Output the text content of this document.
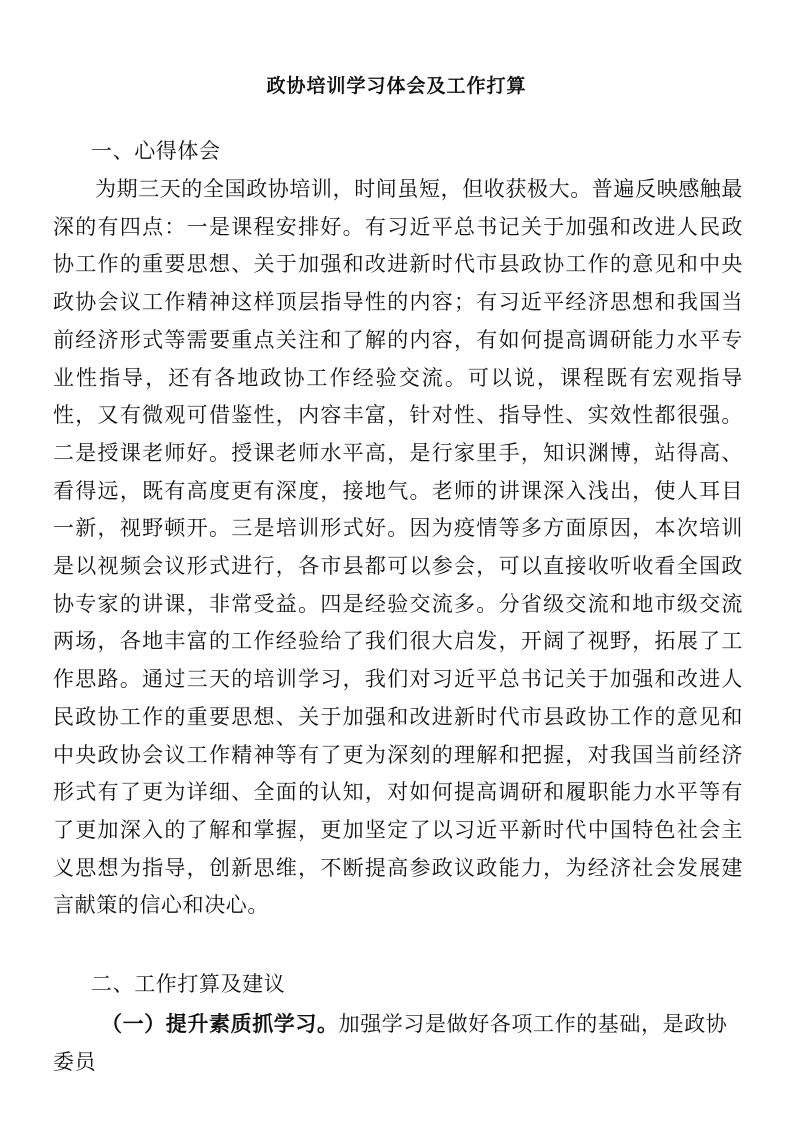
政协培训学习体会及工作打算
一、心得体会
为期三天的全国政协培训，时间虽短，但收获极大。普遍反映感触最深的有四点：一是课程安排好。有习近平总书记关于加强和改进人民政协工作的重要思想、关于加强和改进新时代市县政协工作的意见和中央政协会议工作精神这样顶层指导性的内容；有习近平经济思想和我国当前经济形式等需要重点关注和了解的内容，有如何提高调研能力水平专业性指导，还有各地政协工作经验交流。可以说，课程既有宏观指导性，又有微观可借鉴性，内容丰富，针对性、指导性、实效性都很强。二是授课老师好。授课老师水平高，是行家里手，知识渊博，站得高、看得远，既有高度更有深度，接地气。老师的讲课深入浅出，使人耳目一新，视野顿开。三是培训形式好。因为疫情等多方面原因，本次培训是以视频会议形式进行，各市县都可以参会，可以直接收听收看全国政协专家的讲课，非常受益。四是经验交流多。分省级交流和地市级交流两场，各地丰富的工作经验给了我们很大启发，开阔了视野，拓展了工作思路。通过三天的培训学习，我们对习近平总书记关于加强和改进人民政协工作的重要思想、关于加强和改进新时代市县政协工作的意见和中央政协会议工作精神等有了更为深刻的理解和把握，对我国当前经济形式有了更为详细、全面的认知，对如何提高调研和履职能力水平等有了更加深入的了解和掌握，更加坚定了以习近平新时代中国特色社会主义思想为指导，创新思维，不断提高参政议政能力，为经济社会发展建言献策的信心和决心。
二、工作打算及建议
（一）提升素质抓学习。加强学习是做好各项工作的基础，是政协委员
